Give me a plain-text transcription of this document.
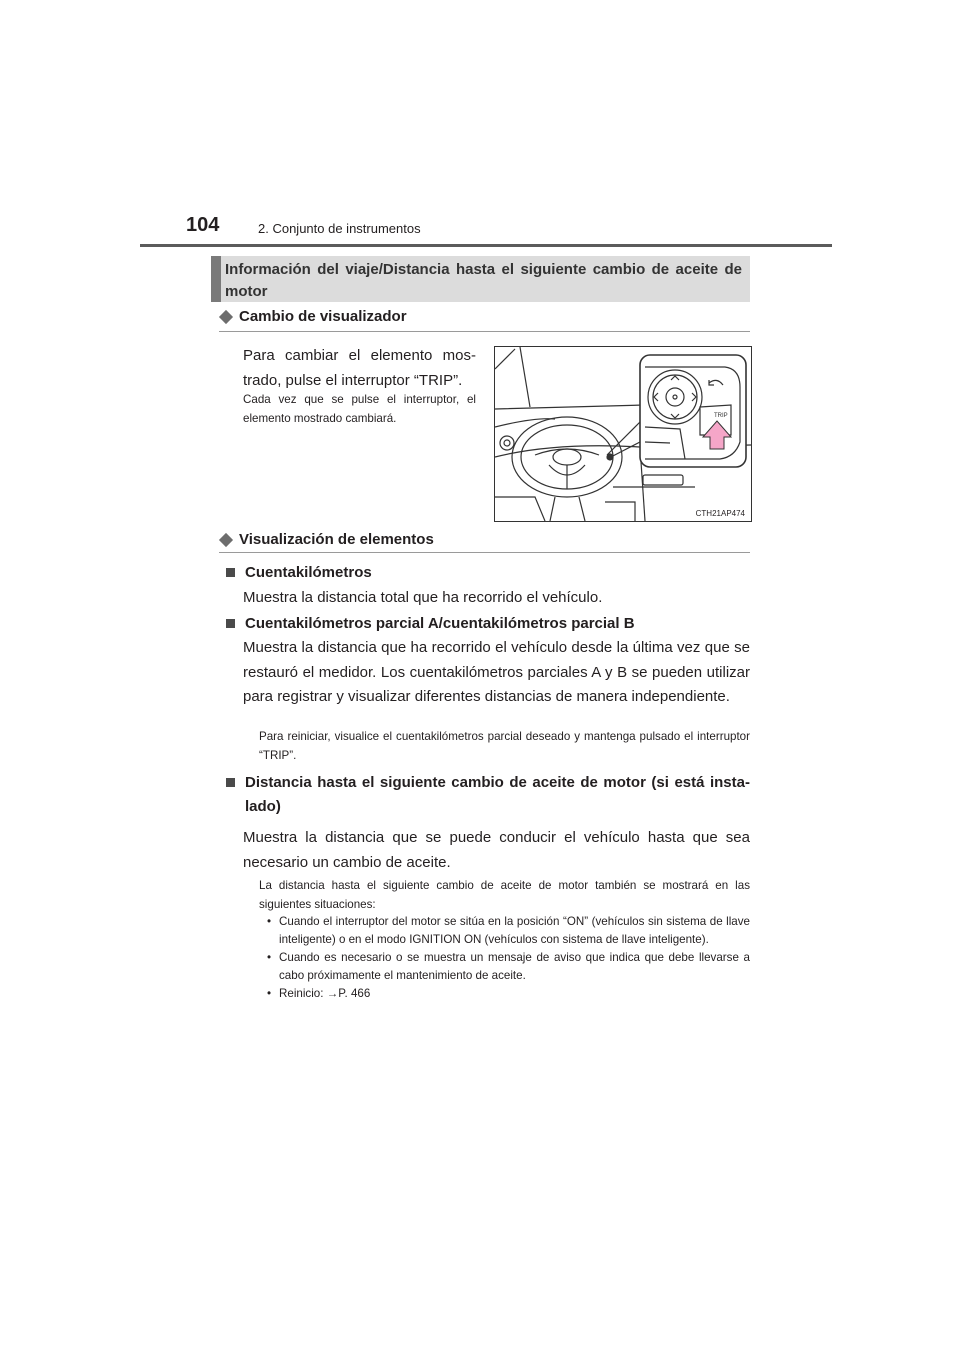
104	2. Conjunto de instrumentos
Información del viaje/Distancia hasta el siguiente cambio de aceite de motor
Cambio de visualizador
Para cambiar el elemento mostrado, pulse el interruptor “TRIP”.
Cada vez que se pulse el interruptor, el elemento mostrado cambiará.	TRIP
CTH21AP474
Visualización de elementos
Cuentakilómetros
Muestra la distancia total que ha recorrido el vehículo.
Cuentakilómetros parcial A/cuentakilómetros parcial B
Muestra la distancia que ha recorrido el vehículo desde la última vez que se restauró el medidor. Los cuentakilómetros parciales A y B se pueden utilizar para registrar y visualizar diferentes distancias de manera independiente.
Para reiniciar, visualice el cuentakilómetros parcial deseado y mantenga pulsado el interruptor “TRIP”.
Distancia hasta el siguiente cambio de aceite de motor (si está instalado)
Muestra la distancia que se puede conducir el vehículo hasta que sea necesario un cambio de aceite.
La distancia hasta el siguiente cambio de aceite de motor también se mostrará en las siguientes situaciones:
• Cuando el interruptor del motor se sitúa en la posición “ON” (vehículos sin sistema de llave inteligente) o en el modo IGNITION ON (vehículos con sistema de llave inteligente).
• Cuando es necesario o se muestra un mensaje de aviso que indica que debe llevarse a cabo próximamente el mantenimiento de aceite.
• Reinicio: →P. 466
